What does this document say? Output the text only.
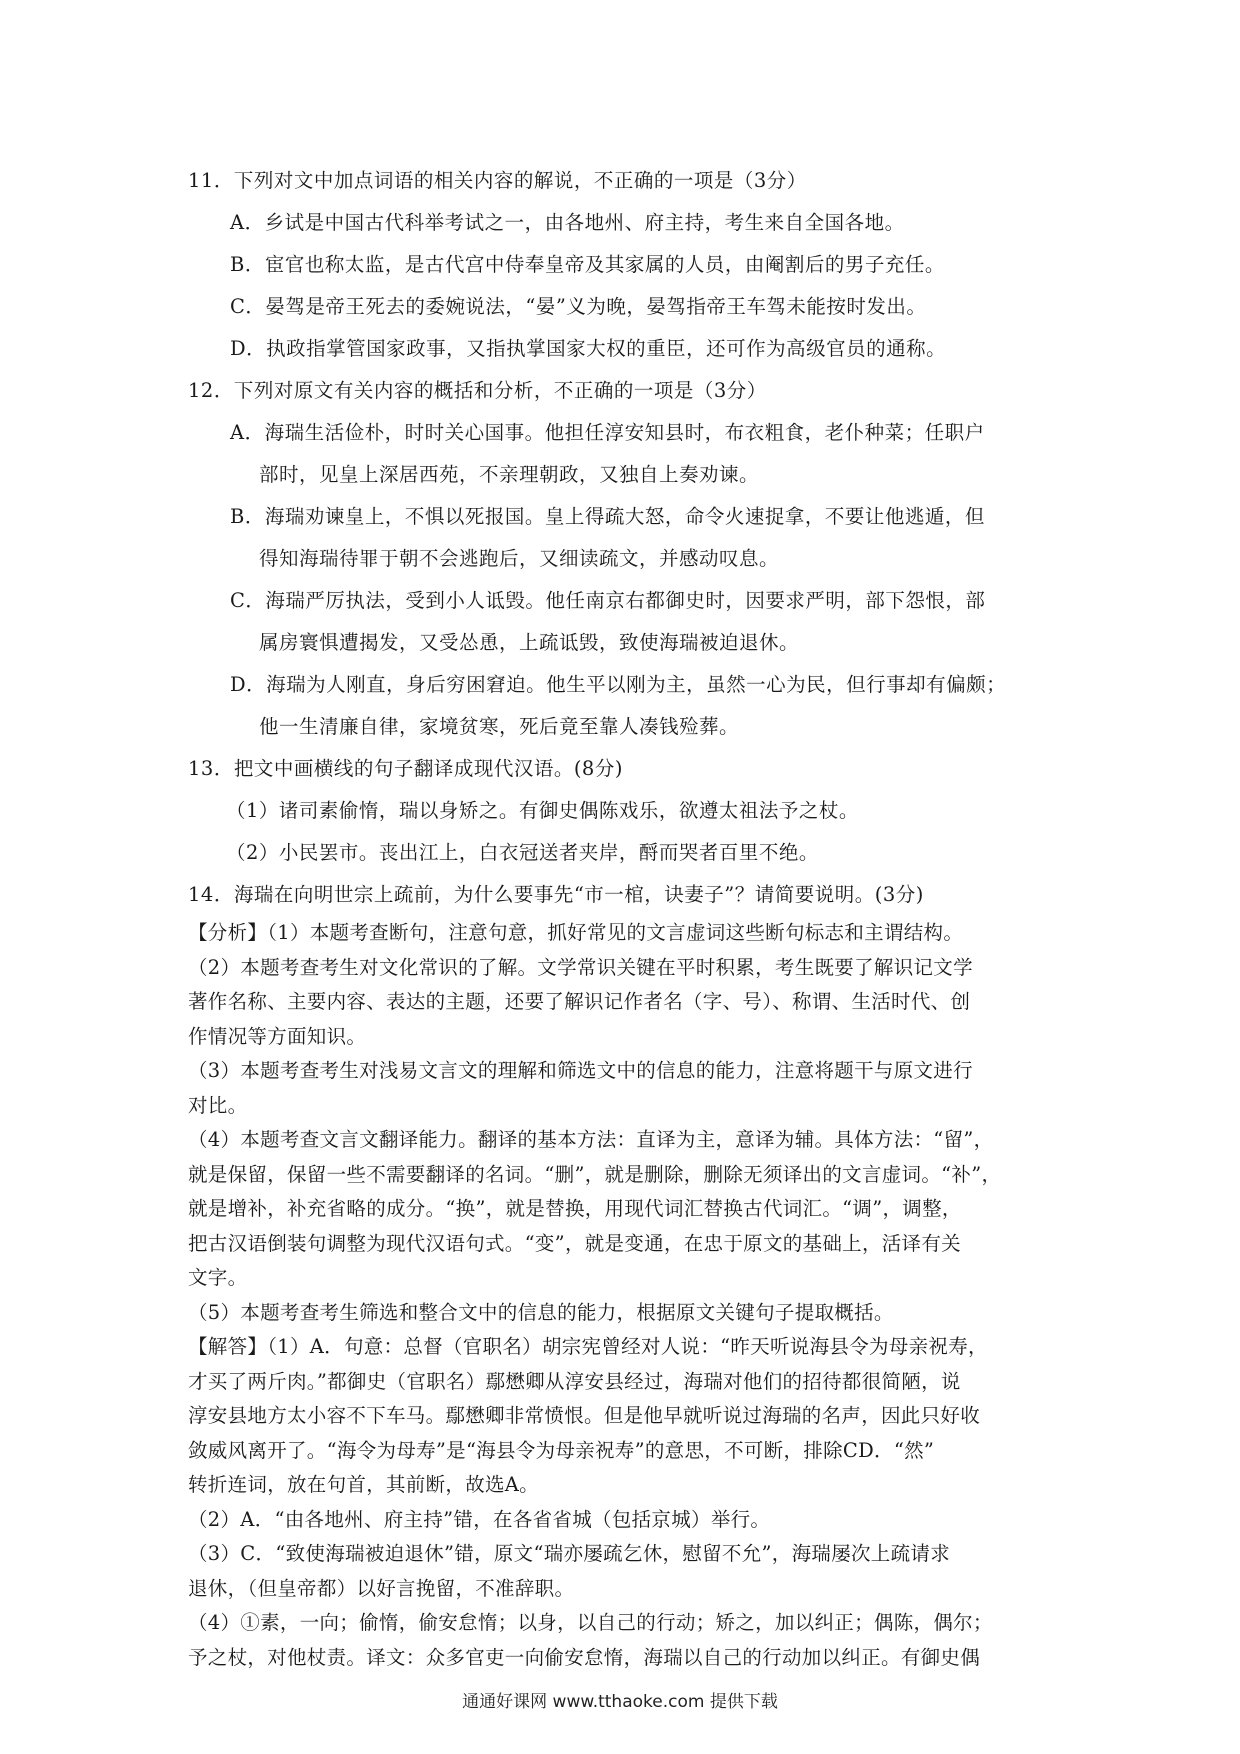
11．下列对文中加点词语的相关内容的解说，不正确的一项是（3分）
A．乡试是中国古代科举考试之一，由各地州、府主持，考生来自全国各地。
B．宦官也称太监，是古代宫中侍奉皇帝及其家属的人员，由阉割后的男子充任。
C．晏驾是帝王死去的委婉说法，“晏”义为晚，晏驾指帝王车驾未能按时发出。
D．执政指掌管国家政事，又指执掌国家大权的重臣，还可作为高级官员的通称。
12．下列对原文有关内容的概括和分析，不正确的一项是（3分）
A．海瑞生活俭朴，时时关心国事。他担任淳安知县时，布衣粗食，老仆种菜；任职户
部时，见皇上深居西苑，不亲理朝政，又独自上奏劝谏。
B．海瑞劝谏皇上，不惧以死报国。皇上得疏大怒，命令火速捉拿，不要让他逃遁，但
得知海瑞待罪于朝不会逃跑后，又细读疏文，并感动叹息。
C．海瑞严厉执法，受到小人诋毁。他任南京右都御史时，因要求严明，部下怨恨，部
属房寰惧遭揭发，又受怂恿，上疏诋毁，致使海瑞被迫退休。
D．海瑞为人刚直，身后穷困窘迫。他生平以刚为主，虽然一心为民，但行事却有偏颇；
他一生清廉自律，家境贫寒，死后竟至靠人凑钱殓葬。
13．把文中画横线的句子翻译成现代汉语。(8分)
（1）诸司素偷惰，瑞以身矫之。有御史偶陈戏乐，欲遵太祖法予之杖。
（2）小民罢市。丧出江上，白衣冠送者夹岸，酹而哭者百里不绝。
14．海瑞在向明世宗上疏前，为什么要事先“市一棺，诀妻子”？请简要说明。(3分)
【分析】（1）本题考查断句，注意句意，抓好常见的文言虚词这些断句标志和主谓结构。
（2）本题考查考生对文化常识的了解。文学常识关键在平时积累，考生既要了解识记文学
著作名称、主要内容、表达的主题，还要了解识记作者名（字、号）、称谓、生活时代、创
作情况等方面知识。
（3）本题考查考生对浅易文言文的理解和筛选文中的信息的能力，注意将题干与原文进行
对比。
（4）本题考查文言文翻译能力。翻译的基本方法：直译为主，意译为辅。具体方法：“留”，
就是保留，保留一些不需要翻译的名词。“删”，就是删除，删除无须译出的文言虚词。“补”，
就是增补，补充省略的成分。“换”，就是替换，用现代词汇替换古代词汇。“调”，调整，
把古汉语倒装句调整为现代汉语句式。“变”，就是变通，在忠于原文的基础上，活译有关
文字。
（5）本题考查考生筛选和整合文中的信息的能力，根据原文关键句子提取概括。
【解答】（1）A．句意：总督（官职名）胡宗宪曾经对人说：“昨天听说海县令为母亲祝寿，
才买了两斤肉。”都御史（官职名）鄢懋卿从淳安县经过，海瑞对他们的招待都很简陋，说
淳安县地方太小容不下车马。鄢懋卿非常愤恨。但是他早就听说过海瑞的名声，因此只好收
敛威风离开了。“海令为母寿”是“海县令为母亲祝寿”的意思，不可断，排除CD．“然”
转折连词，放在句首，其前断，故选A。
（2）A．“由各地州、府主持”错，在各省省城（包括京城）举行。
（3）C．“致使海瑞被迫退休”错，原文“瑞亦屡疏乞休，慰留不允”，海瑞屡次上疏请求
退休，（但皇帝都）以好言挽留，不准辞职。
（4）①素，一向；偷惰，偷安怠惰；以身，以自己的行动；矫之，加以纠正；偶陈，偶尔；
予之杖，对他杖责。译文：众多官吏一向偷安怠惰，海瑞以自己的行动加以纠正。有御史偶
通通好课网 www.tthaoke.com 提供下载
